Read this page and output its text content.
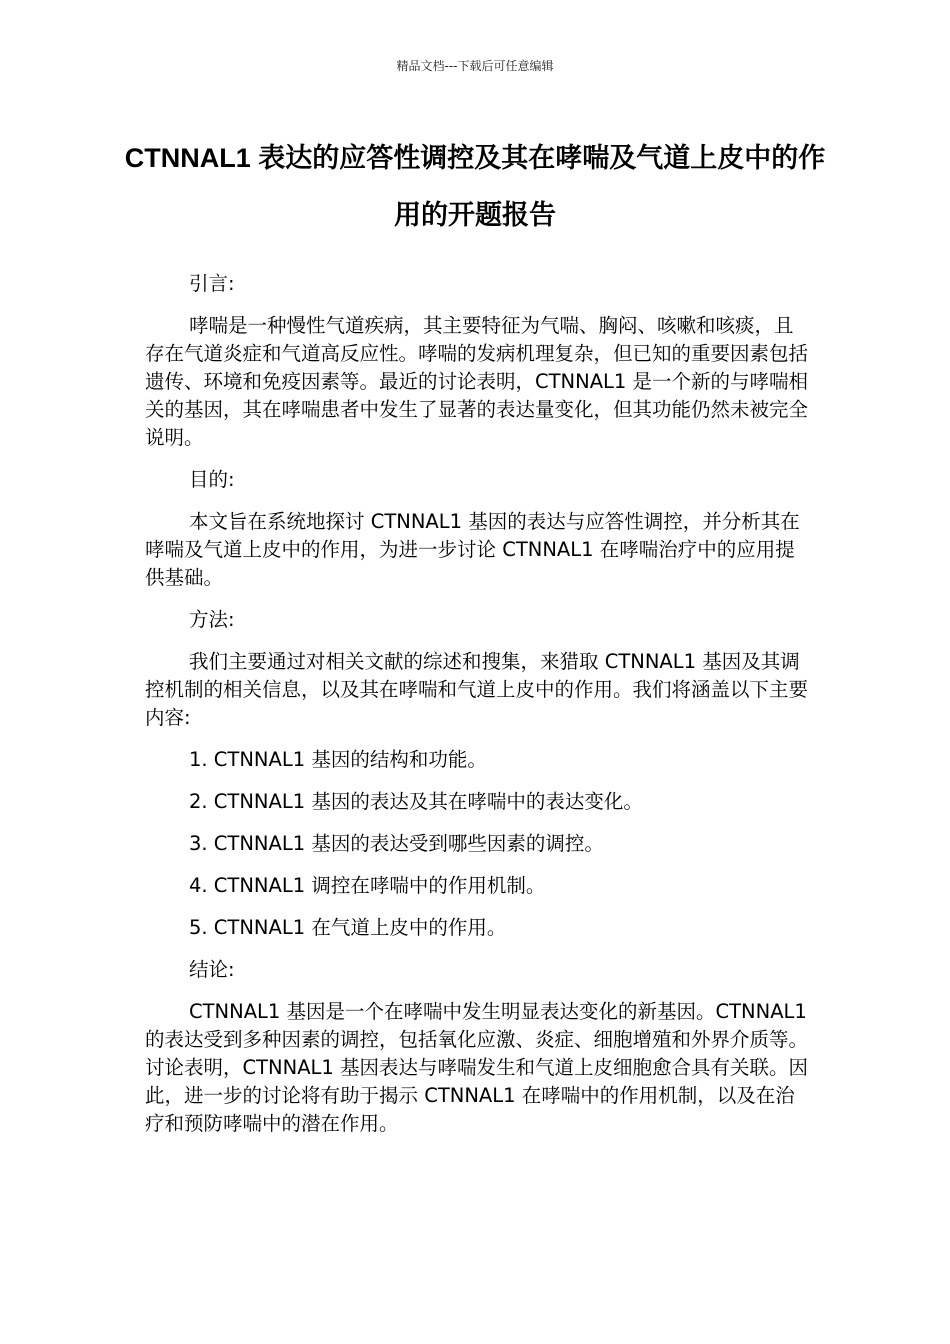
精品文档---下载后可任意编辑
CTNNAL1 表达的应答性调控及其在哮喘及气道上皮中的作用的开题报告

引言:

哮喘是一种慢性气道疾病，其主要特征为气喘、胸闷、咳嗽和咳痰，且存在气道炎症和气道高反应性。哮喘的发病机理复杂，但已知的重要因素包括遗传、环境和免疫因素等。最近的讨论表明，CTNNAL1 是一个新的与哮喘相关的基因，其在哮喘患者中发生了显著的表达量变化，但其功能仍然未被完全说明。

目的:

本文旨在系统地探讨 CTNNAL1 基因的表达与应答性调控，并分析其在哮喘及气道上皮中的作用，为进一步讨论 CTNNAL1 在哮喘治疗中的应用提供基础。

方法:

我们主要通过对相关文献的综述和搜集，来猎取 CTNNAL1 基因及其调控机制的相关信息，以及其在哮喘和气道上皮中的作用。我们将涵盖以下主要内容:

1. CTNNAL1 基因的结构和功能。

2. CTNNAL1 基因的表达及其在哮喘中的表达变化。

3. CTNNAL1 基因的表达受到哪些因素的调控。

4. CTNNAL1 调控在哮喘中的作用机制。

5. CTNNAL1 在气道上皮中的作用。

结论:

CTNNAL1 基因是一个在哮喘中发生明显表达变化的新基因。CTNNAL1 的表达受到多种因素的调控，包括氧化应激、炎症、细胞增殖和外界介质等。讨论表明，CTNNAL1 基因表达与哮喘发生和气道上皮细胞愈合具有关联。因此，进一步的讨论将有助于揭示 CTNNAL1 在哮喘中的作用机制，以及在治疗和预防哮喘中的潜在作用。
